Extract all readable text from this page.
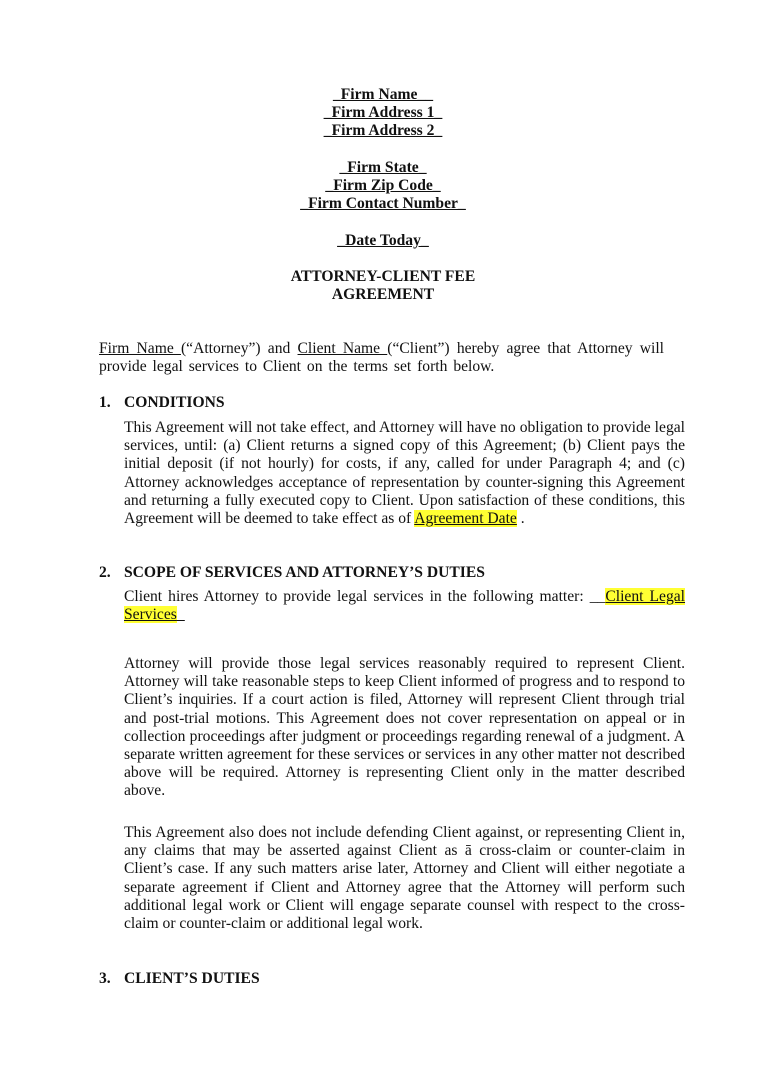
_Firm Name__
_Firm Address 1_
_Firm Address 2_
_Firm State_
_Firm Zip Code_
_Firm Contact Number_
_Date Today_
ATTORNEY-CLIENT FEE
AGREEMENT
Firm Name (“Attorney”) and Client Name (“Client”) hereby agree that Attorney will provide legal services to Client on the terms set forth below.
1. CONDITIONS
This Agreement will not take effect, and Attorney will have no obligation to provide legal services, until: (a) Client returns a signed copy of this Agreement; (b) Client pays the initial deposit (if not hourly) for costs, if any, called for under Paragraph 4; and (c) Attorney acknowledges acceptance of representation by counter-signing this Agreement and returning a fully executed copy to Client. Upon satisfaction of these conditions, this Agreement will be deemed to take effect as of Agreement Date .
2. SCOPE OF SERVICES AND ATTORNEY’S DUTIES
Client hires Attorney to provide legal services in the following matter: __Client Legal Services_
Attorney will provide those legal services reasonably required to represent Client. Attorney will take reasonable steps to keep Client informed of progress and to respond to Client’s inquiries. If a court action is filed, Attorney will represent Client through trial and post-trial motions. This Agreement does not cover representation on appeal or in collection proceedings after judgment or proceedings regarding renewal of a judgment. A separate written agreement for these services or services in any other matter not described above will be required. Attorney is representing Client only in the matter described above.
This Agreement also does not include defending Client against, or representing Client in, any claims that may be asserted against Client as ā cross-claim or counter-claim in Client’s case. If any such matters arise later, Attorney and Client will either negotiate a separate agreement if Client and Attorney agree that the Attorney will perform such additional legal work or Client will engage separate counsel with respect to the cross-claim or counter-claim or additional legal work.
3. CLIENT’S DUTIES
